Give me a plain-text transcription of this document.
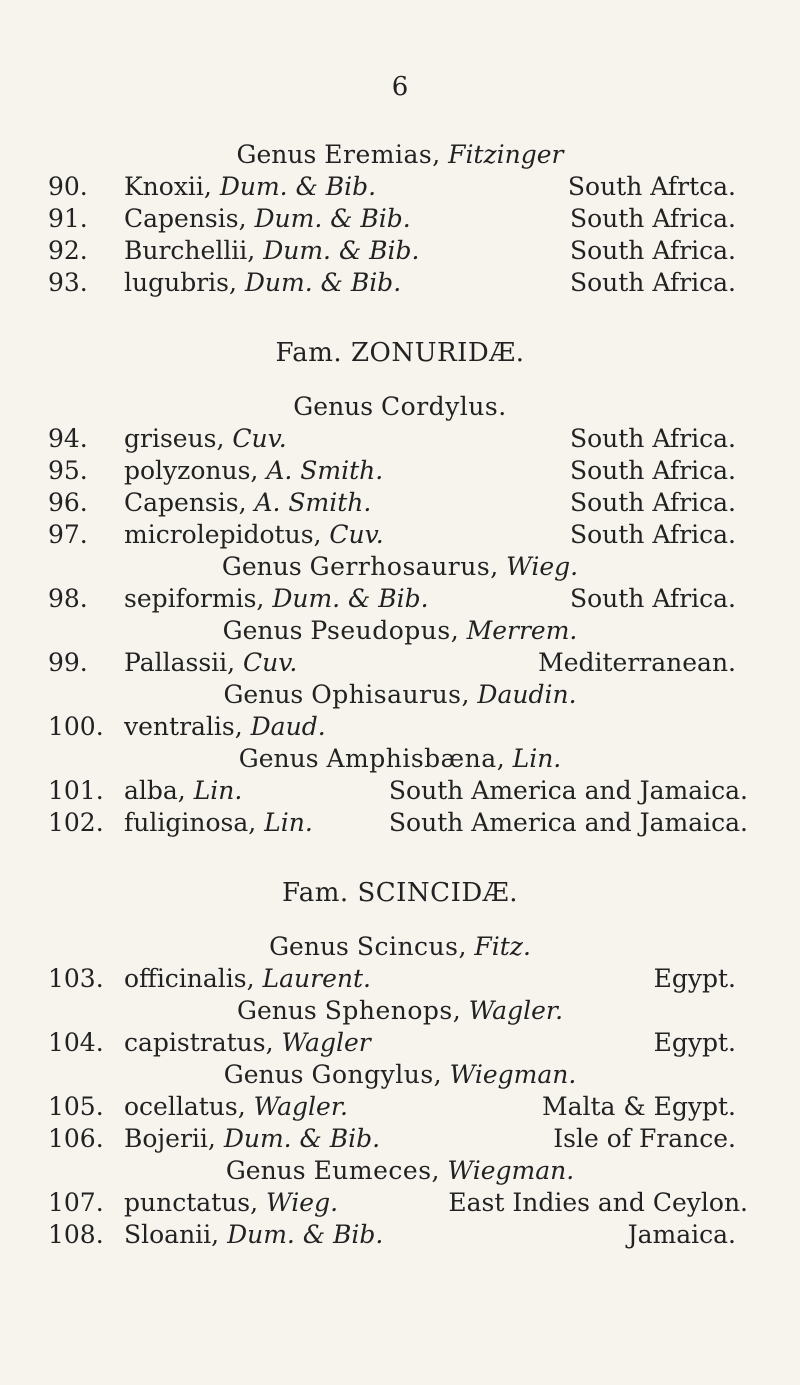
6
Genus Eremias, Fitzinger
90. Knoxii, Dum. & Bib.	South Afrtca.
91. Capensis, Dum. & Bib.	South Africa.
92. Burchellii, Dum. & Bib.	South Africa.
93. lugubris, Dum. & Bib.	South Africa.
Fam. ZONURIDÆ.
Genus Cordylus.
94. griseus, Cuv.	South Africa.
95. polyzonus, A. Smith.	South Africa.
96. Capensis, A. Smith.	South Africa.
97. microlepidotus, Cuv.	South Africa.
Genus Gerrhosaurus, Wieg.
98. sepiformis, Dum. & Bib.	South Africa.
Genus Pseudopus, Merrem.
99. Pallassii, Cuv.	Mediterranean.
Genus Ophisaurus, Daudin.
100. ventralis, Daud.
Genus Amphisbæna, Lin.
101. alba, Lin.	South America and Jamaica.
102. fuliginosa, Lin.	South America and Jamaica.
Fam. SCINCIDÆ.
Genus Scincus, Fitz.
103. officinalis, Laurent.	Egypt.
Genus Sphenops, Wagler.
104. capistratus, Wagler	Egypt.
Genus Gongylus, Wiegman.
105. ocellatus, Wagler.	Malta & Egypt.
106. Bojerii, Dum. & Bib.	Isle of France.
Genus Eumeces, Wiegman.
107. punctatus, Wieg.	East Indies and Ceylon.
108. Sloanii, Dum. & Bib.	Jamaica.
